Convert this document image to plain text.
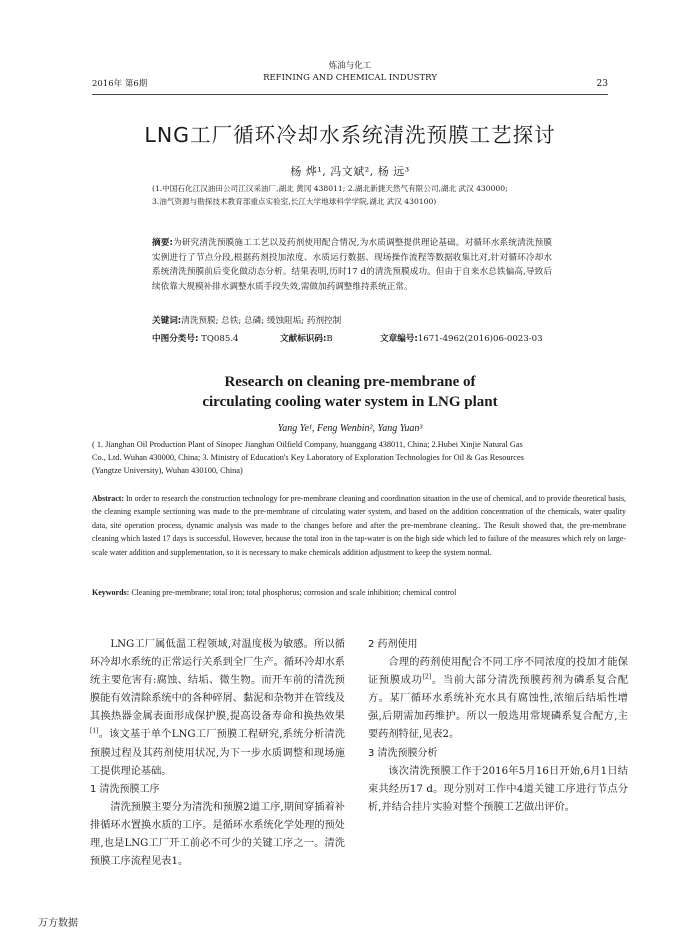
2016年 第6期
炼油与化工
REFINING AND CHEMICAL INDUSTRY
23
LNG工厂循环冷却水系统清洗预膜工艺探讨
杨 烨¹, 冯文斌², 杨 远³
(1.中国石化江汉油田公司江汉采油厂,湖北 黄冈 438011; 2.湖北新捷天然气有限公司,湖北 武汉 430000;
3.油气资源与勘探技术教育部重点实验室,长江大学地球科学学院,湖北 武汉 430100)
摘要:为研究清洗预膜施工工艺以及药剂使用配合情况,为水质调整提供理论基础。对循环水系统清洗预膜实例进行了节点分段,根据药剂投加浓度、水质运行数据、现场操作流程等数据收集比对,针对循环冷却水系统清洗预膜前后变化做动态分析。结果表明,历时17 d的清洗预膜成功。但由于自来水总铁偏高,导致后续依靠大规模补排水调整水质手段失效,需做加药调整维持系统正常。
关键词:清洗预膜; 总铁; 总磷; 缓蚀阻垢; 药剂控制
中图分类号: TQ085.4	文献标识码:B	文章编号:1671-4962(2016)06-0023-03
Research on cleaning pre-membrane of
circulating cooling water system in LNG plant
Yang Ye¹, Feng Wenbin², Yang Yuan³
( 1. Jianghan Oil Production Plant of Sinopec Jianghan Oilfield Company, huanggang 438011, China; 2.Hubei Xinjie Natural Gas
Co., Ltd. Wuhan 430000, China; 3. Ministry of Education's Key Laboratory of Exploration Technologies for Oil & Gas Resources
(Yangtze University), Wuhan 430100, China)
Abstract: In order to research the construction technology for pre-membrane cleaning and coordination situation in the use of chemical, and to provide theoretical basis, the cleaning example sectioning was made to the pre-membrane of circulating water system, and based on the addition concentration of the chemicals, water quality data, site operation process, dynamic analysis was made to the changes before and after the pre-membrane cleaning.. The Result showed that, the pre-membrane cleaning which lasted 17 days is successful. However, because the total iron in the tap-water is on the high side which led to failure of the measures which rely on large-scale water addition and supplementation, so it is necessary to make chemicals addition adjustment to keep the system normal.
Keywords: Cleaning pre-membrane; total iron; total phosphorus; corrosion and scale inhibition; chemical control

LNG工厂属低温工程领域,对温度极为敏感。所以循环冷却水系统的正常运行关系到全厂生产。循环冷却水系统主要危害有:腐蚀、结垢、微生物。而开车前的清洗预膜能有效清除系统中的各种碎屑、黏泥和杂物并在管线及其换热器金属表面形成保护膜,提高设备寿命和换热效果[1]。该文基于单个LNG工厂预膜工程研究,系统分析清洗预膜过程及其药剂使用状况,为下一步水质调整和现场施工提供理论基础。

1 清洗预膜工序

清洗预膜主要分为清洗和预膜2道工序,期间穿插着补排循环水置换水质的工序。是循环水系统化学处理的预处理,也是LNG工厂开工前必不可少的关键工序之一。清洗预膜工序流程见表1。

2 药剂使用

合理的药剂使用配合不同工序不同浓度的投加才能保证预膜成功[2]。当前大部分清洗预膜药剂为磷系复合配方。某厂循环水系统补充水具有腐蚀性,浓缩后结垢性增强,后期需加药维护。所以一般选用常规磷系复合配方,主要药剂特征,见表2。

3 清洗预膜分析

该次清洗预膜工作于2016年5月16日开始,6月1日结束共经历17 d。现分别对工作中4道关键工序进行节点分析,并结合挂片实验对整个预膜工艺做出评价。

万方数据
